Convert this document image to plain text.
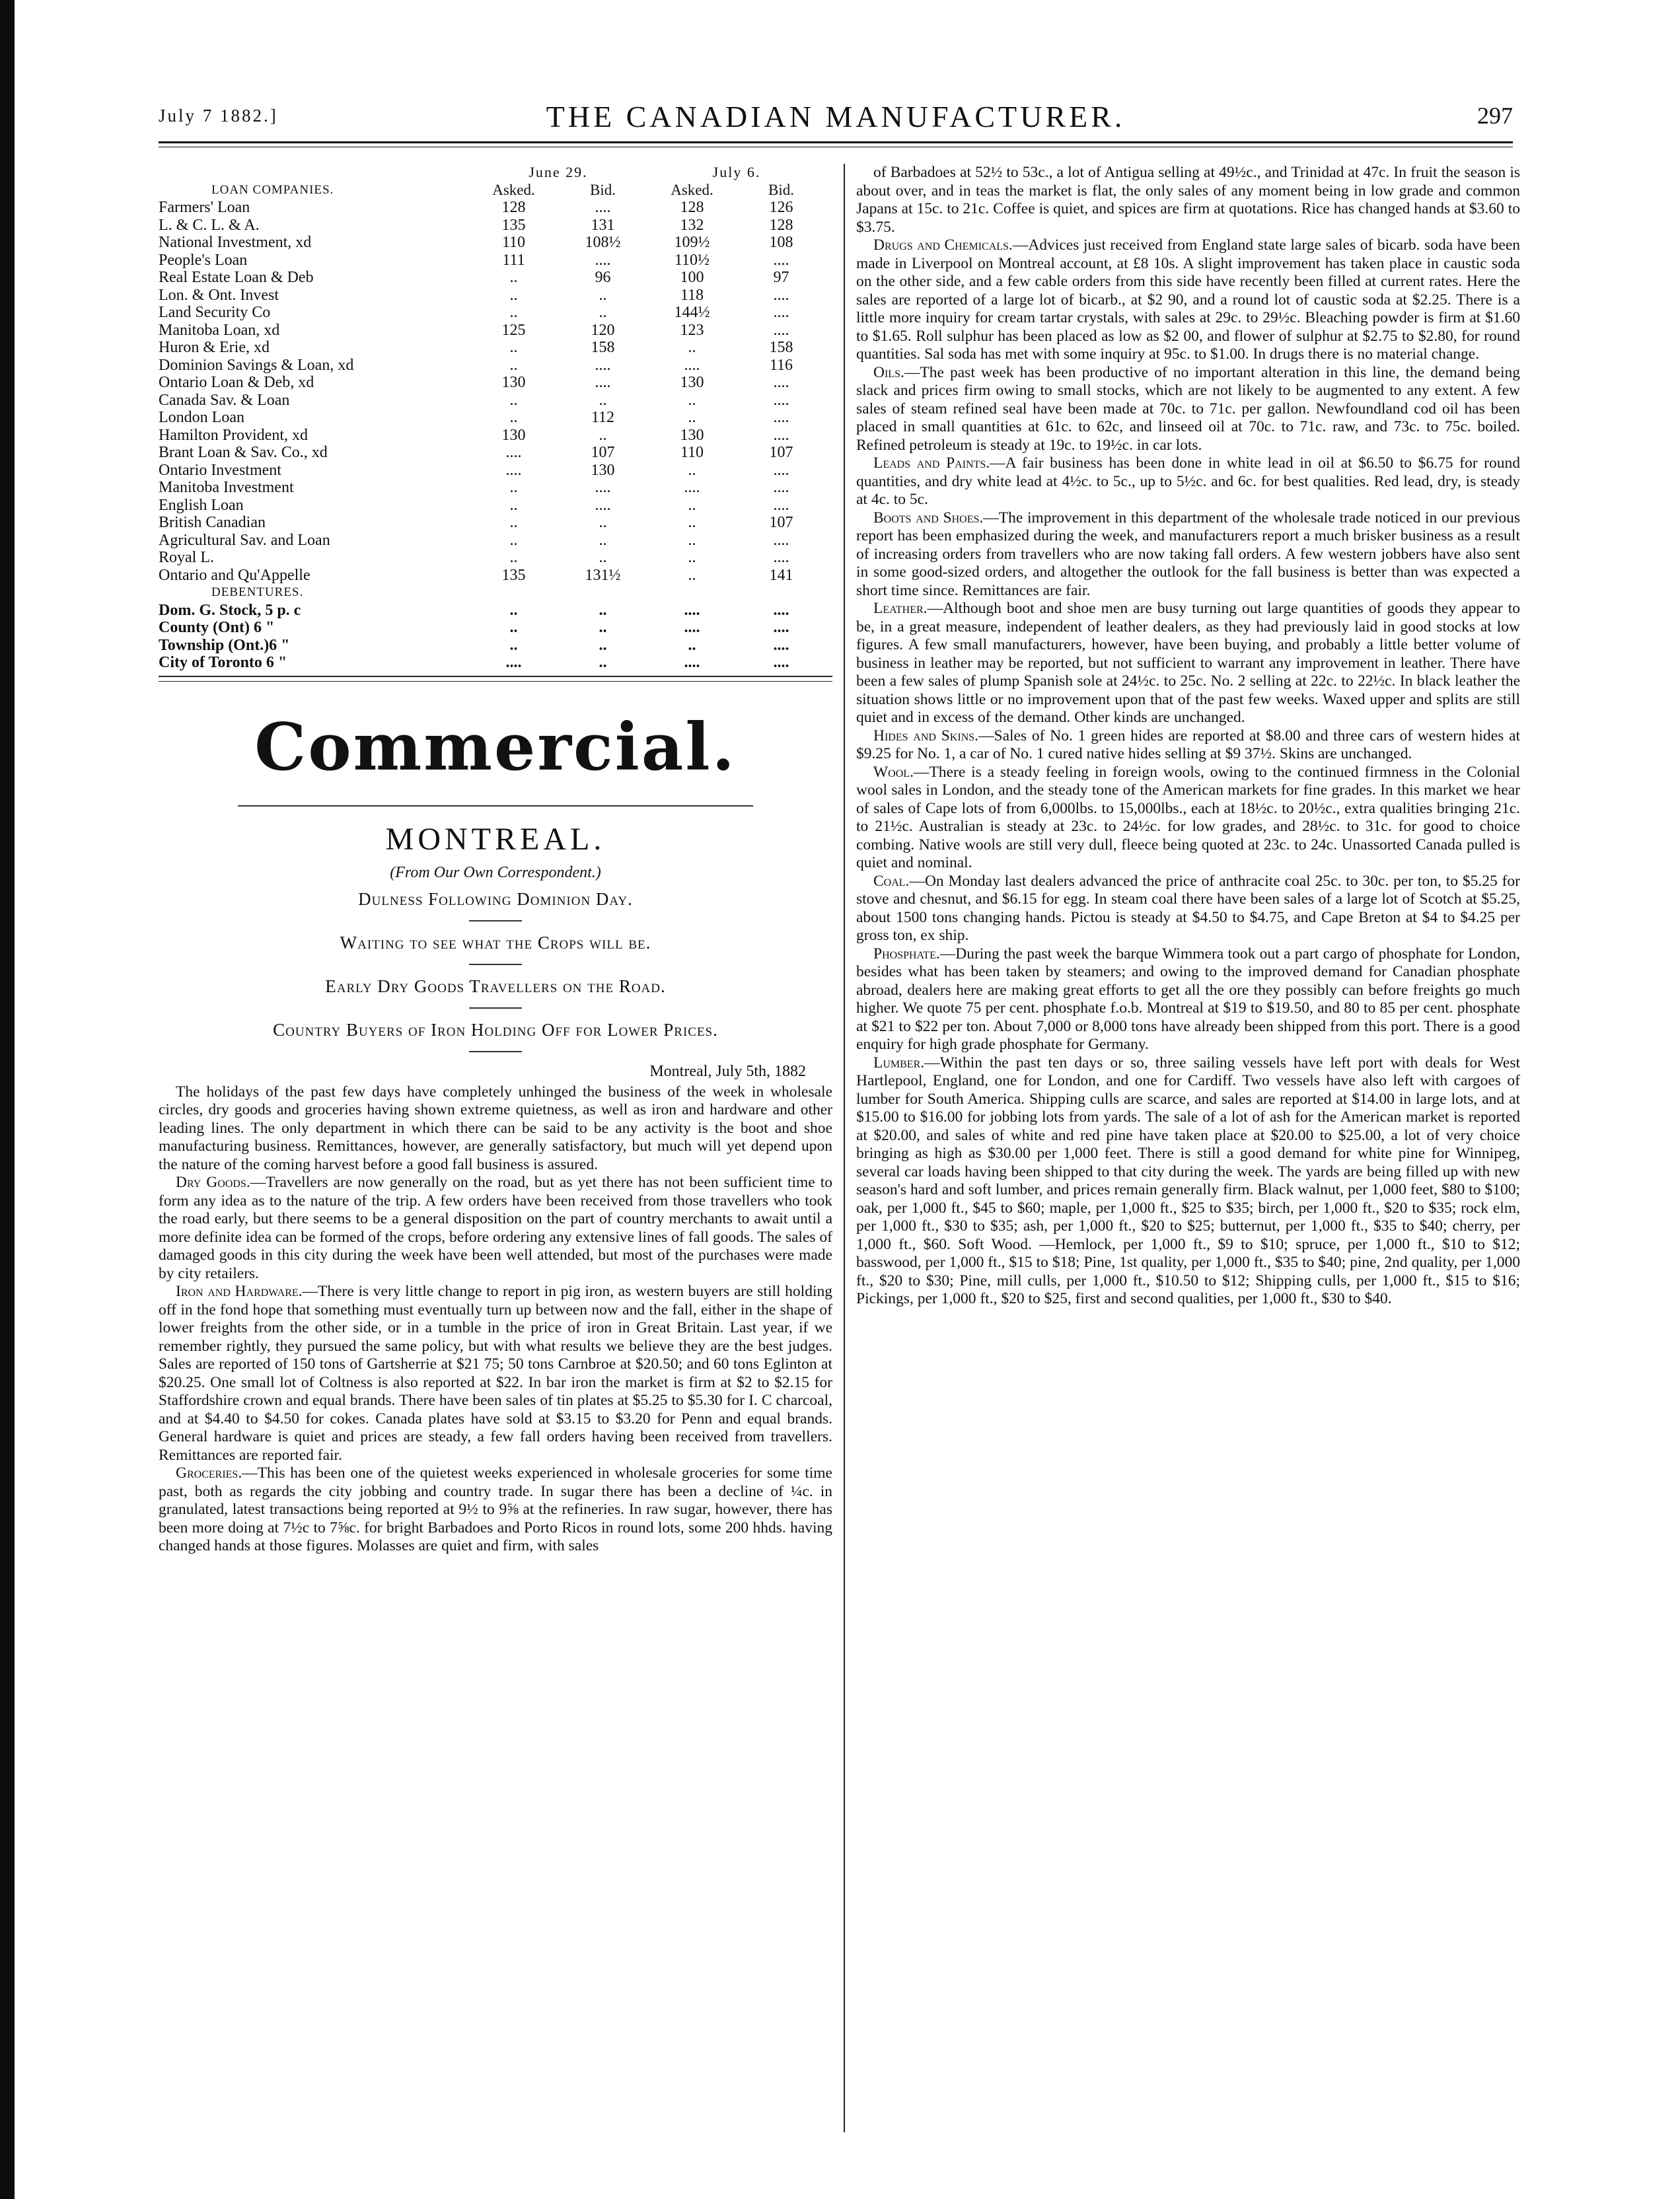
July 7 1882.]	THE CANADIAN MANUFACTURER.	297
	June 29.		July 6.	
LOAN COMPANIES.	Asked.	Bid.	Asked.	Bid.
Farmers' Loan	128	....	128	126
L. & C. L. & A.	135	131	132	128
National Investment, xd	110	108½	109½	108
People's Loan	111	....	110½	....
Real Estate Loan & Deb	..	96	100	97
Lon. & Ont. Invest	..	..	118	....
Land Security Co	..	..	144½	....
Manitoba Loan, xd	125	120	123	....
Huron & Erie, xd	..	158	..	158
Dominion Savings & Loan, xd	..	....	....	116
Ontario Loan & Deb, xd	130	....	130	....
Canada Sav. & Loan	..	..	..	....
London Loan	..	112	..	....
Hamilton Provident, xd	130	..	130	....
Brant Loan & Sav. Co., xd	....	107	110	107
Ontario Investment	....	130	..	....
Manitoba Investment	..	....	....	....
English Loan	..	....	..	....
British Canadian	..	..	..	107
Agricultural Sav. and Loan	..	..	..	....
Royal L.	..	..	..	....
Ontario and Qu'Appelle	135	131½	..	141
DEBENTURES.				
Dom. G. Stock, 5 p. c	..	..	....	....
County (Ont) 6 "	..	..	....	....
Township (Ont.)6 "	..	..	..	....
City of Toronto 6 "	....	..	....	....
Commercial.
MONTREAL.
(From Our Own Correspondent.)
Dulness Following Dominion Day.
Waiting to see what the Crops will be.
Early Dry Goods Travellers on the Road.
Country Buyers of Iron Holding Off for Lower Prices.
Montreal, July 5th, 1882

The holidays of the past few days have completely unhinged the business of the week in wholesale circles, dry goods and groceries having shown extreme quietness, as well as iron and hardware and other leading lines. The only department in which there can be said to be any activity is the boot and shoe manufacturing business. Remittances, however, are generally satisfactory, but much will yet depend upon the nature of the coming harvest before a good fall business is assured.

Dry Goods.—Travellers are now generally on the road, but as yet there has not been sufficient time to form any idea as to the nature of the trip. A few orders have been received from those travellers who took the road early, but there seems to be a general disposition on the part of country merchants to await until a more definite idea can be formed of the crops, before ordering any extensive lines of fall goods. The sales of damaged goods in this city during the week have been well attended, but most of the purchases were made by city retailers.

Iron and Hardware.—There is very little change to report in pig iron, as western buyers are still holding off in the fond hope that something must eventually turn up between now and the fall, either in the shape of lower freights from the other side, or in a tumble in the price of iron in Great Britain. Last year, if we remember rightly, they pursued the same policy, but with what results we believe they are the best judges. Sales are reported of 150 tons of Gartsherrie at $21 75; 50 tons Carnbroe at $20.50; and 60 tons Eglinton at $20.25. One small lot of Coltness is also reported at $22. In bar iron the market is firm at $2 to $2.15 for Staffordshire crown and equal brands. There have been sales of tin plates at $5.25 to $5.30 for I. C charcoal, and at $4.40 to $4.50 for cokes. Canada plates have sold at $3.15 to $3.20 for Penn and equal brands. General hardware is quiet and prices are steady, a few fall orders having been received from travellers. Remittances are reported fair.

Groceries.—This has been one of the quietest weeks experienced in wholesale groceries for some time past, both as regards the city jobbing and country trade. In sugar there has been a decline of ¼c. in granulated, latest transactions being reported at 9½ to 9⅝ at the refineries. In raw sugar, however, there has been more doing at 7½c to 7⅝c. for bright Barbadoes and Porto Ricos in round lots, some 200 hhds. having changed hands at those figures. Molasses are quiet and firm, with sales

of Barbadoes at 52½ to 53c., a lot of Antigua selling at 49½c., and Trinidad at 47c. In fruit the season is about over, and in teas the market is flat, the only sales of any moment being in low grade and common Japans at 15c. to 21c. Coffee is quiet, and spices are firm at quotations. Rice has changed hands at $3.60 to $3.75.

Drugs and Chemicals.—Advices just received from England state large sales of bicarb. soda have been made in Liverpool on Montreal account, at £8 10s. A slight improvement has taken place in caustic soda on the other side, and a few cable orders from this side have recently been filled at current rates. Here the sales are reported of a large lot of bicarb., at $2 90, and a round lot of caustic soda at $2.25. There is a little more inquiry for cream tartar crystals, with sales at 29c. to 29½c. Bleaching powder is firm at $1.60 to $1.65. Roll sulphur has been placed as low as $2 00, and flower of sulphur at $2.75 to $2.80, for round quantities. Sal soda has met with some inquiry at 95c. to $1.00. In drugs there is no material change.

Oils.—The past week has been productive of no important alteration in this line, the demand being slack and prices firm owing to small stocks, which are not likely to be augmented to any extent. A few sales of steam refined seal have been made at 70c. to 71c. per gallon. Newfoundland cod oil has been placed in small quantities at 61c. to 62c, and linseed oil at 70c. to 71c. raw, and 73c. to 75c. boiled. Refined petroleum is steady at 19c. to 19½c. in car lots.

Leads and Paints.—A fair business has been done in white lead in oil at $6.50 to $6.75 for round quantities, and dry white lead at 4½c. to 5c., up to 5½c. and 6c. for best qualities. Red lead, dry, is steady at 4c. to 5c.

Boots and Shoes.—The improvement in this department of the wholesale trade noticed in our previous report has been emphasized during the week, and manufacturers report a much brisker business as a result of increasing orders from travellers who are now taking fall orders. A few western jobbers have also sent in some good-sized orders, and altogether the outlook for the fall business is better than was expected a short time since. Remittances are fair.

Leather.—Although boot and shoe men are busy turning out large quantities of goods they appear to be, in a great measure, independent of leather dealers, as they had previously laid in good stocks at low figures. A few small manufacturers, however, have been buying, and probably a little better volume of business in leather may be reported, but not sufficient to warrant any improvement in leather. There have been a few sales of plump Spanish sole at 24½c. to 25c. No. 2 selling at 22c. to 22½c. In black leather the situation shows little or no improvement upon that of the past few weeks. Waxed upper and splits are still quiet and in excess of the demand. Other kinds are unchanged.

Hides and Skins.—Sales of No. 1 green hides are reported at $8.00 and three cars of western hides at $9.25 for No. 1, a car of No. 1 cured native hides selling at $9 37½. Skins are unchanged.

Wool.—There is a steady feeling in foreign wools, owing to the continued firmness in the Colonial wool sales in London, and the steady tone of the American markets for fine grades. In this market we hear of sales of Cape lots of from 6,000lbs. to 15,000lbs., each at 18½c. to 20½c., extra qualities bringing 21c. to 21½c. Australian is steady at 23c. to 24½c. for low grades, and 28½c. to 31c. for good to choice combing. Native wools are still very dull, fleece being quoted at 23c. to 24c. Unassorted Canada pulled is quiet and nominal.

Coal.—On Monday last dealers advanced the price of anthracite coal 25c. to 30c. per ton, to $5.25 for stove and chesnut, and $6.15 for egg. In steam coal there have been sales of a large lot of Scotch at $5.25, about 1500 tons changing hands. Pictou is steady at $4.50 to $4.75, and Cape Breton at $4 to $4.25 per gross ton, ex ship.

Phosphate.—During the past week the barque Wimmera took out a part cargo of phosphate for London, besides what has been taken by steamers; and owing to the improved demand for Canadian phosphate abroad, dealers here are making great efforts to get all the ore they possibly can before freights go much higher. We quote 75 per cent. phosphate f.o.b. Montreal at $19 to $19.50, and 80 to 85 per cent. phosphate at $21 to $22 per ton. About 7,000 or 8,000 tons have already been shipped from this port. There is a good enquiry for high grade phosphate for Germany.

Lumber.—Within the past ten days or so, three sailing vessels have left port with deals for West Hartlepool, England, one for London, and one for Cardiff. Two vessels have also left with cargoes of lumber for South America. Shipping culls are scarce, and sales are reported at $14.00 in large lots, and at $15.00 to $16.00 for jobbing lots from yards. The sale of a lot of ash for the American market is reported at $20.00, and sales of white and red pine have taken place at $20.00 to $25.00, a lot of very choice bringing as high as $30.00 per 1,000 feet. There is still a good demand for white pine for Winnipeg, several car loads having been shipped to that city during the week. The yards are being filled up with new season's hard and soft lumber, and prices remain generally firm. Black walnut, per 1,000 feet, $80 to $100; oak, per 1,000 ft., $45 to $60; maple, per 1,000 ft., $25 to $35; birch, per 1,000 ft., $20 to $35; rock elm, per 1,000 ft., $30 to $35; ash, per 1,000 ft., $20 to $25; butternut, per 1,000 ft., $35 to $40; cherry, per 1,000 ft., $60. Soft Wood. —Hemlock, per 1,000 ft., $9 to $10; spruce, per 1,000 ft., $10 to $12; basswood, per 1,000 ft., $15 to $18; Pine, 1st quality, per 1,000 ft., $35 to $40; pine, 2nd quality, per 1,000 ft., $20 to $30; Pine, mill culls, per 1,000 ft., $10.50 to $12; Shipping culls, per 1,000 ft., $15 to $16; Pickings, per 1,000 ft., $20 to $25, first and second qualities, per 1,000 ft., $30 to $40.
